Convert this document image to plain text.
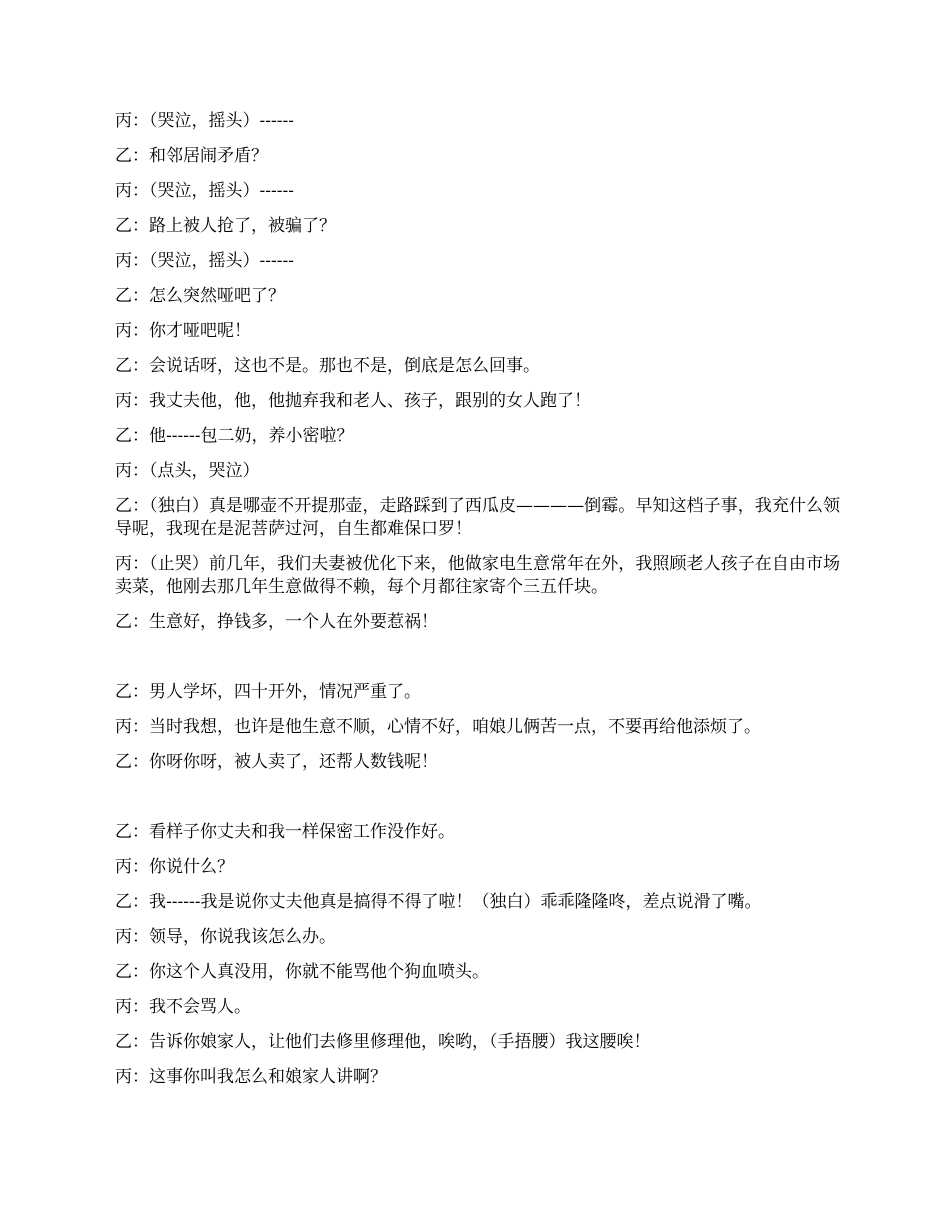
丙：（哭泣，摇头）------

乙：和邻居闹矛盾？

丙：（哭泣，摇头）------

乙：路上被人抢了，被骗了？

丙：（哭泣，摇头）------

乙：怎么突然哑吧了？

丙：你才哑吧呢！

乙：会说话呀，这也不是。那也不是，倒底是怎么回事。

丙：我丈夫他，他，他抛弃我和老人、孩子，跟别的女人跑了！

乙：他------包二奶，养小密啦？

丙：（点头，哭泣）

乙：（独白）真是哪壶不开提那壶，走路踩到了西瓜皮————倒霉。早知这档子事，我充什么领导呢，我现在是泥菩萨过河，自生都难保口罗！

丙：（止哭）前几年，我们夫妻被优化下来，他做家电生意常年在外，我照顾老人孩子在自由市场卖菜，他刚去那几年生意做得不赖，每个月都往家寄个三五仟块。

乙：生意好，挣钱多，一个人在外要惹祸！

乙：男人学坏，四十开外，情况严重了。

丙：当时我想，也许是他生意不顺，心情不好，咱娘儿俩苦一点，不要再给他添烦了。

乙：你呀你呀，被人卖了，还帮人数钱呢！

乙：看样子你丈夫和我一样保密工作没作好。

丙：你说什么？

乙：我------我是说你丈夫他真是搞得不得了啦！（独白）乖乖隆隆咚，差点说滑了嘴。

丙：领导，你说我该怎么办。

乙：你这个人真没用，你就不能骂他个狗血喷头。

丙：我不会骂人。

乙：告诉你娘家人，让他们去修里修理他，唉哟，（手捂腰）我这腰唉！

丙：这事你叫我怎么和娘家人讲啊？
